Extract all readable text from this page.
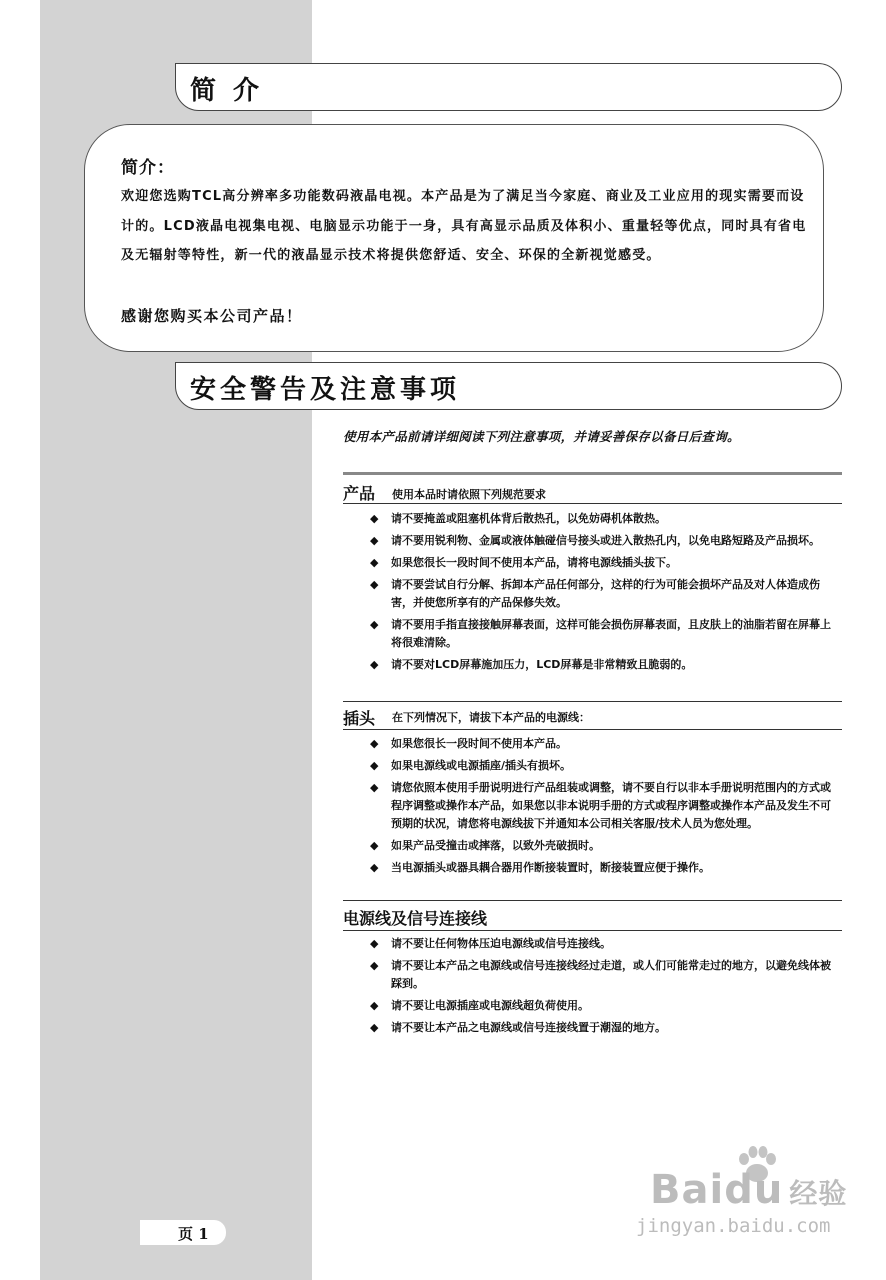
简 介
简介：

欢迎您选购TCL高分辨率多功能数码液晶电视。本产品是为了满足当今家庭、商业及工业应用的现实需要而设计的。LCD液晶电视集电视、电脑显示功能于一身，具有高显示品质及体积小、重量轻等优点，同时具有省电及无辐射等特性，新一代的液晶显示技术将提供您舒适、安全、环保的全新视觉感受。

感谢您购买本公司产品！
安全警告及注意事项
使用本产品前请详细阅读下列注意事项，并请妥善保存以备日后查询。
产品 使用本品时请依照下列规范要求
◆ 请不要掩盖或阻塞机体背后散热孔，以免妨碍机体散热。
◆ 请不要用锐利物、金属或液体触碰信号接头或进入散热孔内，以免电路短路及产品损坏。
◆ 如果您很长一段时间不使用本产品，请将电源线插头拔下。
◆ 请不要尝试自行分解、拆卸本产品任何部分，这样的行为可能会损坏产品及对人体造成伤害，并使您所享有的产品保修失效。
◆ 请不要用手指直接接触屏幕表面，这样可能会损伤屏幕表面，且皮肤上的油脂若留在屏幕上将很难清除。
◆ 请不要对LCD屏幕施加压力，LCD屏幕是非常精致且脆弱的。
插头 在下列情况下，请拔下本产品的电源线：
◆ 如果您很长一段时间不使用本产品。
◆ 如果电源线或电源插座/插头有损坏。
◆ 请您依照本使用手册说明进行产品组装或调整，请不要自行以非本手册说明范围内的方式或程序调整或操作本产品，如果您以非本说明手册的方式或程序调整或操作本产品及发生不可预期的状况，请您将电源线拔下并通知本公司相关客服/技术人员为您处理。
◆ 如果产品受撞击或摔落，以致外壳破损时。
◆ 当电源插头或器具耦合器用作断接装置时，断接装置应便于操作。
电源线及信号连接线
◆ 请不要让任何物体压迫电源线或信号连接线。
◆ 请不要让本产品之电源线或信号连接线经过走道，或人们可能常走过的地方，以避免线体被踩到。
◆ 请不要让电源插座或电源线超负荷使用。
◆ 请不要让本产品之电源线或信号连接线置于潮湿的地方。
页 1
Baidu 经验
jingyan.baidu.com
